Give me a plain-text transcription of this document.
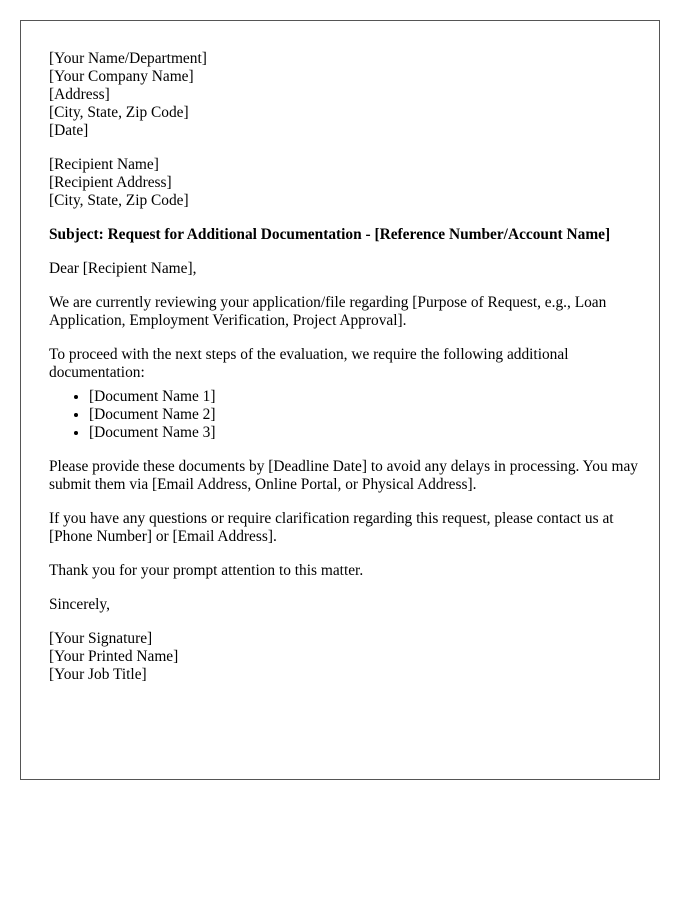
[Your Name/Department]
[Your Company Name]
[Address]
[City, State, Zip Code]
[Date]
[Recipient Name]
[Recipient Address]
[City, State, Zip Code]

Subject: Request for Additional Documentation - [Reference Number/Account Name]

Dear [Recipient Name],

We are currently reviewing your application/file regarding [Purpose of Request, e.g., Loan Application, Employment Verification, Project Approval].

To proceed with the next steps of the evaluation, we require the following additional documentation:

• [Document Name 1]
• [Document Name 2]
• [Document Name 3]

Please provide these documents by [Deadline Date] to avoid any delays in processing. You may submit them via [Email Address, Online Portal, or Physical Address].

If you have any questions or require clarification regarding this request, please contact us at [Phone Number] or [Email Address].

Thank you for your prompt attention to this matter.

Sincerely,

[Your Signature]
[Your Printed Name]
[Your Job Title]
